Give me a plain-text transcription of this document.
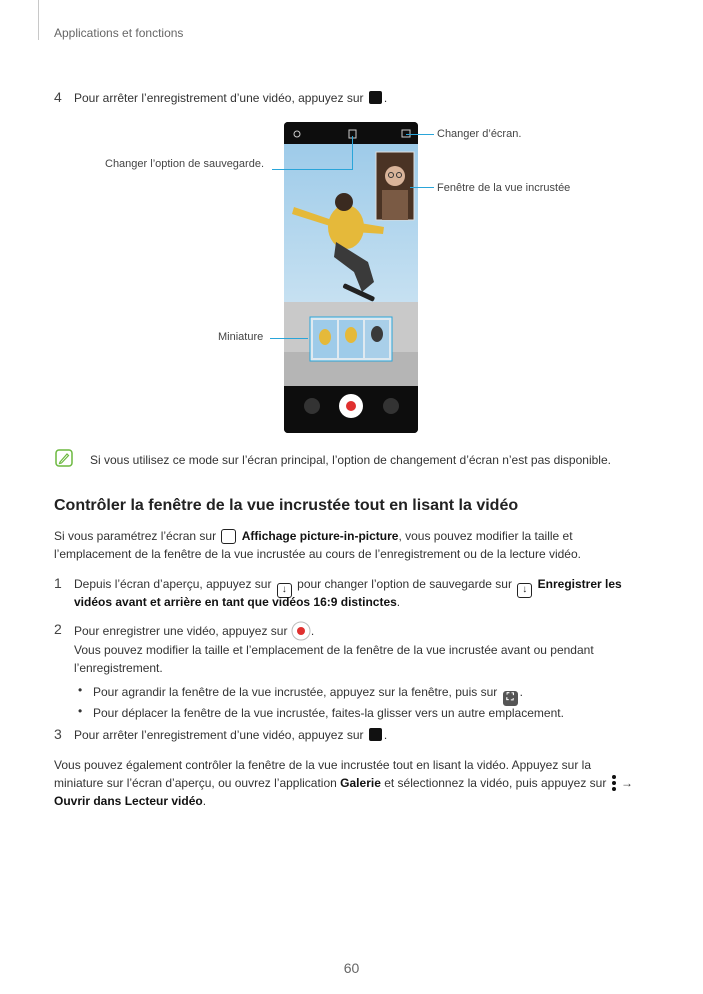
Applications et fonctions
4 Pour arrêter l’enregistrement d’une vidéo, appuyez sur .
Changer d’écran.
Changer l’option de sauvegarde.
Fenêtre de la vue incrustée
Miniature
Si vous utilisez ce mode sur l’écran principal, l’option de changement d’écran n’est pas disponible.
Contrôler la fenêtre de la vue incrustée tout en lisant la vidéo
Si vous paramétrez l’écran sur Affichage picture-in-picture, vous pouvez modifier la taille et
l’emplacement de la fenêtre de la vue incrustée au cours de l’enregistrement ou de la lecture vidéo.
1 Depuis l’écran d’aperçu, appuyez sur ↓ pour changer l’option de sauvegarde sur ↓ Enregistrer les
vidéos avant et arrière en tant que vidéos 16:9 distinctes.
2 Pour enregistrer une vidéo, appuyez sur .
Vous pouvez modifier la taille et l’emplacement de la fenêtre de la vue incrustée avant ou pendant
l’enregistrement.
• Pour agrandir la fenêtre de la vue incrustée, appuyez sur la fenêtre, puis sur ⛶ .
• Pour déplacer la fenêtre de la vue incrustée, faites-la glisser vers un autre emplacement.
3 Pour arrêter l’enregistrement d’une vidéo, appuyez sur .
Vous pouvez également contrôler la fenêtre de la vue incrustée tout en lisant la vidéo. Appuyez sur la
miniature sur l’écran d’aperçu, ou ouvrez l’application Galerie et sélectionnez la vidéo, puis appuyez sur →
Ouvrir dans Lecteur vidéo.
60
